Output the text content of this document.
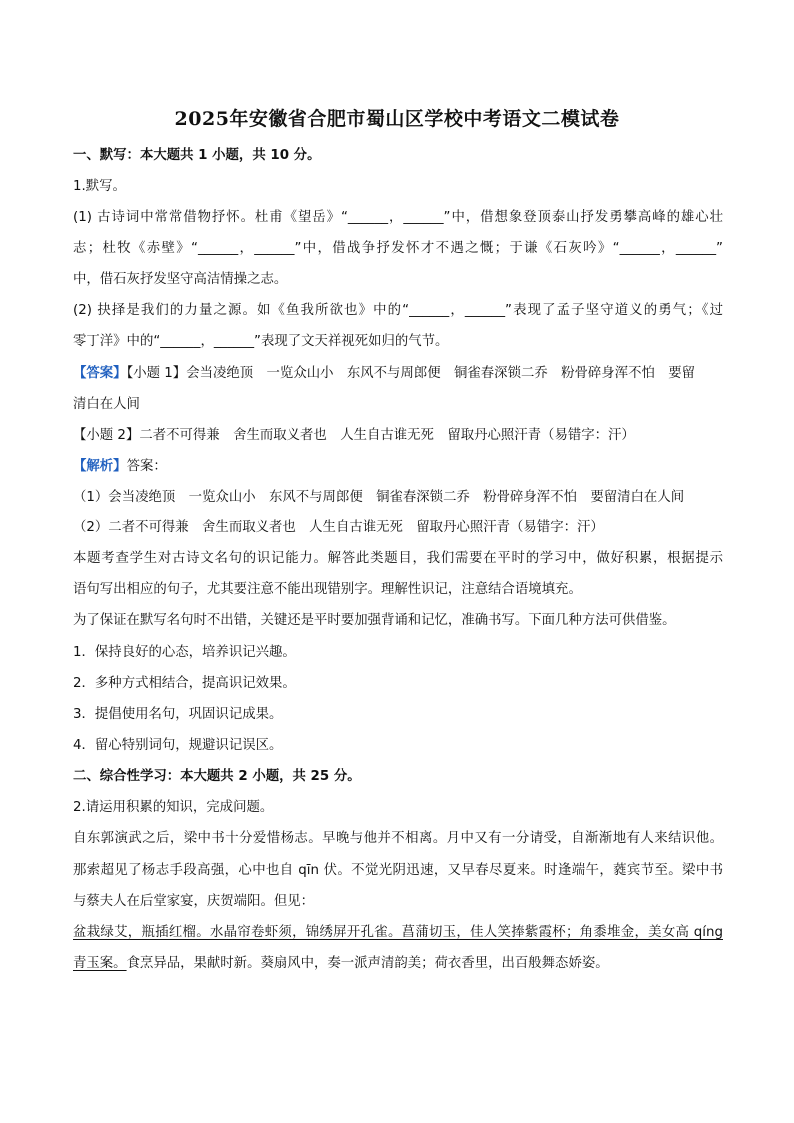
2025年安徽省合肥市蜀山区学校中考语文二模试卷
一、默写：本大题共 1 小题，共 10 分。
1.默写。
(1) 古诗词中常常借物抒怀。杜甫《望岳》“______，______”中，借想象登顶泰山抒发勇攀高峰的雄心壮
志；杜牧《赤壁》“______，______”中，借战争抒发怀才不遇之慨；于谦《石灰吟》“______，______”
中，借石灰抒发坚守高洁情操之志。
(2) 抉择是我们的力量之源。如《鱼我所欲也》中的“______，______”表现了孟子坚守道义的勇气；《过
零丁洋》中的“______，______”表现了文天祥视死如归的气节。
【答案】【小题 1】会当凌绝顶　一览众山小　东风不与周郎便　铜雀春深锁二乔　粉骨碎身浑不怕　要留
清白在人间
【小题 2】二者不可得兼　舍生而取义者也　人生自古谁无死　留取丹心照汗青（易错字：汗）
【解析】答案：
（1）会当凌绝顶　一览众山小　东风不与周郎便　铜雀春深锁二乔　粉骨碎身浑不怕　要留清白在人间
（2）二者不可得兼　舍生而取义者也　人生自古谁无死　留取丹心照汗青（易错字：汗）
本题考查学生对古诗文名句的识记能力。解答此类题目，我们需要在平时的学习中，做好积累，根据提示
语句写出相应的句子，尤其要注意不能出现错别字。理解性识记，注意结合语境填充。
为了保证在默写名句时不出错，关键还是平时要加强背诵和记忆，准确书写。下面几种方法可供借鉴。
1．保持良好的心态，培养识记兴趣。
2．多种方式相结合，提高识记效果。
3．提倡使用名句，巩固识记成果。
4．留心特别词句，规避识记误区。
二、综合性学习：本大题共 2 小题，共 25 分。
2.请运用积累的知识，完成问题。
自东郭演武之后，梁中书十分爱惜杨志。早晚与他并不相离。月中又有一分请受，自渐渐地有人来结识他。
那索超见了杨志手段高强，心中也自 qīn 伏。不觉光阴迅速，又早春尽夏来。时逢端午，蕤宾节至。梁中书
与蔡夫人在后堂家宴，庆贺端阳。但见：
盆栽绿艾，瓶插红榴。水晶帘卷虾须，锦绣屏开孔雀。菖蒲切玉，佳人笑捧紫霞杯；角黍堆金，美女高 qíng
青玉案。食烹异品，果献时新。葵扇风中，奏一派声清韵美；荷衣香里，出百般舞态娇姿。
